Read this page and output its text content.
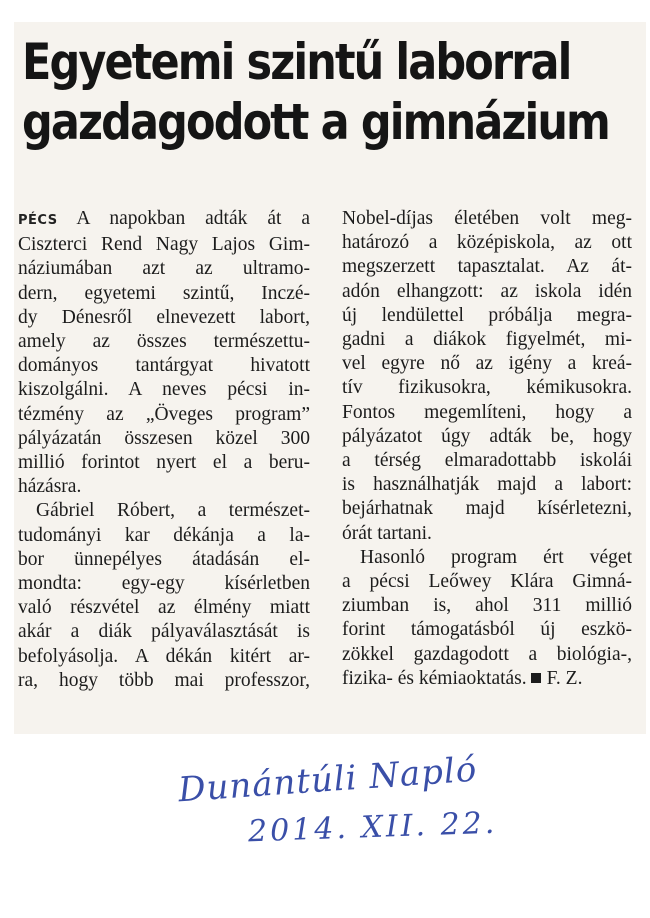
Egyetemi szintű laborral
gazdagodott a gimnázium
PÉCS A napokban adták át a
Ciszterci Rend Nagy Lajos Gim-
náziumában azt az ultramo-
dern, egyetemi szintű, Inczé-
dy Dénesről elnevezett labort,
amely az összes természettu-
dományos tantárgyat hivatott
kiszolgálni. A neves pécsi in-
tézmény az „Öveges program”
pályázatán összesen közel 300
millió forintot nyert el a beru-
házásra.
Gábriel Róbert, a természet-
tudományi kar dékánja a la-
bor ünnepélyes átadásán el-
mondta: egy-egy kísérletben
való részvétel az élmény miatt
akár a diák pályaválasztását is
befolyásolja. A dékán kitért ar-
ra, hogy több mai professzor,
Nobel-díjas életében volt meg-
határozó a középiskola, az ott
megszerzett tapasztalat. Az át-
adón elhangzott: az iskola idén
új lendülettel próbálja megra-
gadni a diákok figyelmét, mi-
vel egyre nő az igény a kreá-
tív fizikusokra, kémikusokra.
Fontos megemlíteni, hogy a
pályázatot úgy adták be, hogy
a térség elmaradottabb iskolái
is használhatják majd a labort:
bejárhatnak majd kísérletezni,
órát tartani.
Hasonló program ért véget
a pécsi Leőwey Klára Gimná-
ziumban is, ahol 311 millió
forint támogatásból új eszkö-
zökkel gazdagodott a biológia-,
fizika- és kémiaoktatás. F. Z.
Dunántúli Napló
2014. XII. 22.
